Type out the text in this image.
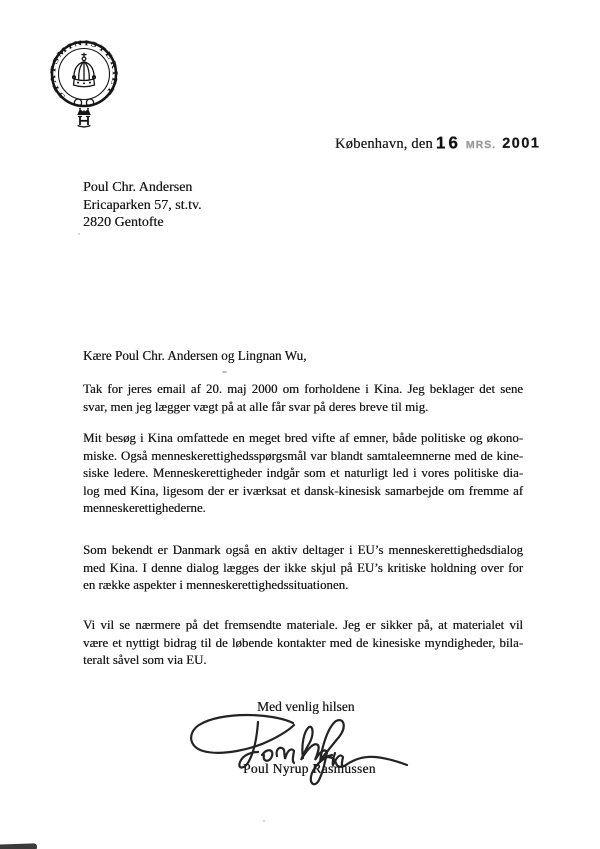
STATSMINISTERIET
København, den 16 MRS. 2001
Poul Chr. Andersen
Ericaparken 57, st.tv.
2820 Gentofte
Kære Poul Chr. Andersen og Lingnan Wu,
Tak for jeres email af 20. maj 2000 om forholdene i Kina. Jeg beklager det sene
svar, men jeg lægger vægt på at alle får svar på deres breve til mig.
Mit besøg i Kina omfattede en meget bred vifte af emner, både politiske og økono-
miske. Også menneskerettighedsspørgsmål var blandt samtaleemnerne med de kine-
siske ledere. Menneskerettigheder indgår som et naturligt led i vores politiske dia-
log med Kina, ligesom der er iværksat et dansk-kinesisk samarbejde om fremme af
menneskerettighederne.
Som bekendt er Danmark også en aktiv deltager i EU’s menneskerettighedsdialog
med Kina. I denne dialog lægges der ikke skjul på EU’s kritiske holdning over for
en række aspekter i menneskerettighedssituationen.
Vi vil se nærmere på det fremsendte materiale. Jeg er sikker på, at materialet vil
være et nyttigt bidrag til de løbende kontakter med de kinesiske myndigheder, bila-
teralt såvel som via EU.
Med venlig hilsen
Poul Nyrup Rasmussen
